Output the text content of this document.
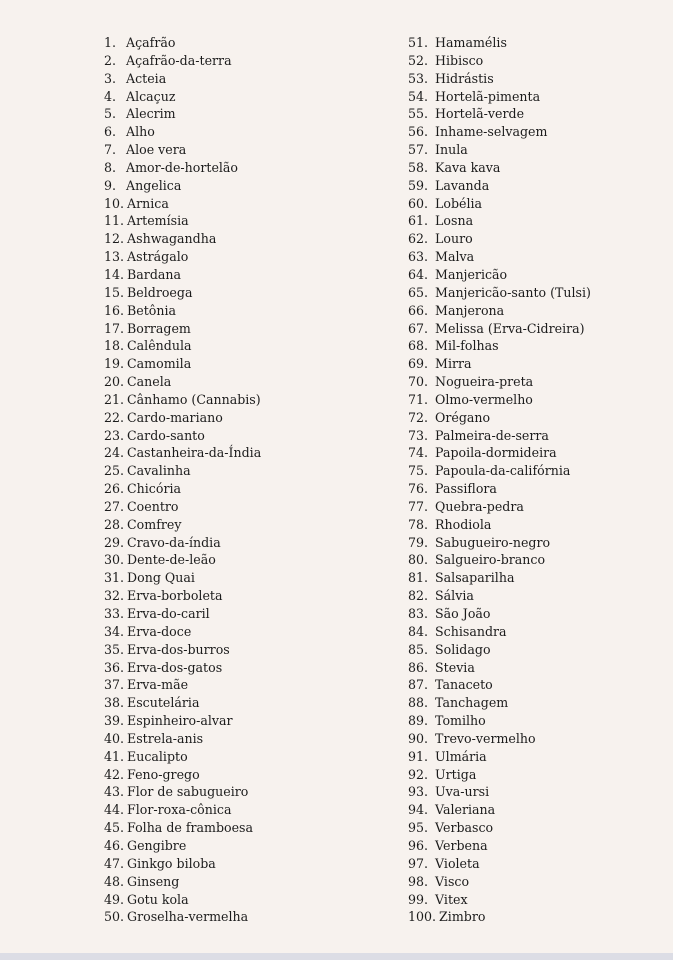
1. Açafrão
2. Açafrão-da-terra
3. Acteia
4. Alcaçuz
5. Alecrim
6. Alho
7. Aloe vera
8. Amor-de-hortelão
9. Angelica
10. Arnica
11. Artemísia
12. Ashwagandha
13. Astrágalo
14. Bardana
15. Beldroega
16. Betônia
17. Borragem
18. Calêndula
19. Camomila
20. Canela
21. Cânhamo (Cannabis)
22. Cardo-mariano
23. Cardo-santo
24. Castanheira-da-Índia
25. Cavalinha
26. Chicória
27. Coentro
28. Comfrey
29. Cravo-da-índia
30. Dente-de-leão
31. Dong Quai
32. Erva-borboleta
33. Erva-do-caril
34. Erva-doce
35. Erva-dos-burros
36. Erva-dos-gatos
37. Erva-mãe
38. Escutelária
39. Espinheiro-alvar
40. Estrela-anis
41. Eucalipto
42. Feno-grego
43. Flor de sabugueiro
44. Flor-roxa-cônica
45. Folha de framboesa
46. Gengibre
47. Ginkgo biloba
48. Ginseng
49. Gotu kola
50. Groselha-vermelha
51. Hamamélis
52. Hibisco
53. Hidrástis
54. Hortelã-pimenta
55. Hortelã-verde
56. Inhame-selvagem
57. Inula
58. Kava kava
59. Lavanda
60. Lobélia
61. Losna
62. Louro
63. Malva
64. Manjericão
65. Manjericão-santo (Tulsi)
66. Manjerona
67. Melissa (Erva-Cidreira)
68. Mil-folhas
69. Mirra
70. Nogueira-preta
71. Olmo-vermelho
72. Orégano
73. Palmeira-de-serra
74. Papoila-dormideira
75. Papoula-da-califórnia
76. Passiflora
77. Quebra-pedra
78. Rhodiola
79. Sabugueiro-negro
80. Salgueiro-branco
81. Salsaparilha
82. Sálvia
83. São João
84. Schisandra
85. Solidago
86. Stevia
87. Tanaceto
88. Tanchagem
89. Tomilho
90. Trevo-vermelho
91. Ulmária
92. Urtiga
93. Uva-ursi
94. Valeriana
95. Verbasco
96. Verbena
97. Violeta
98. Visco
99. Vitex
100. Zimbro
